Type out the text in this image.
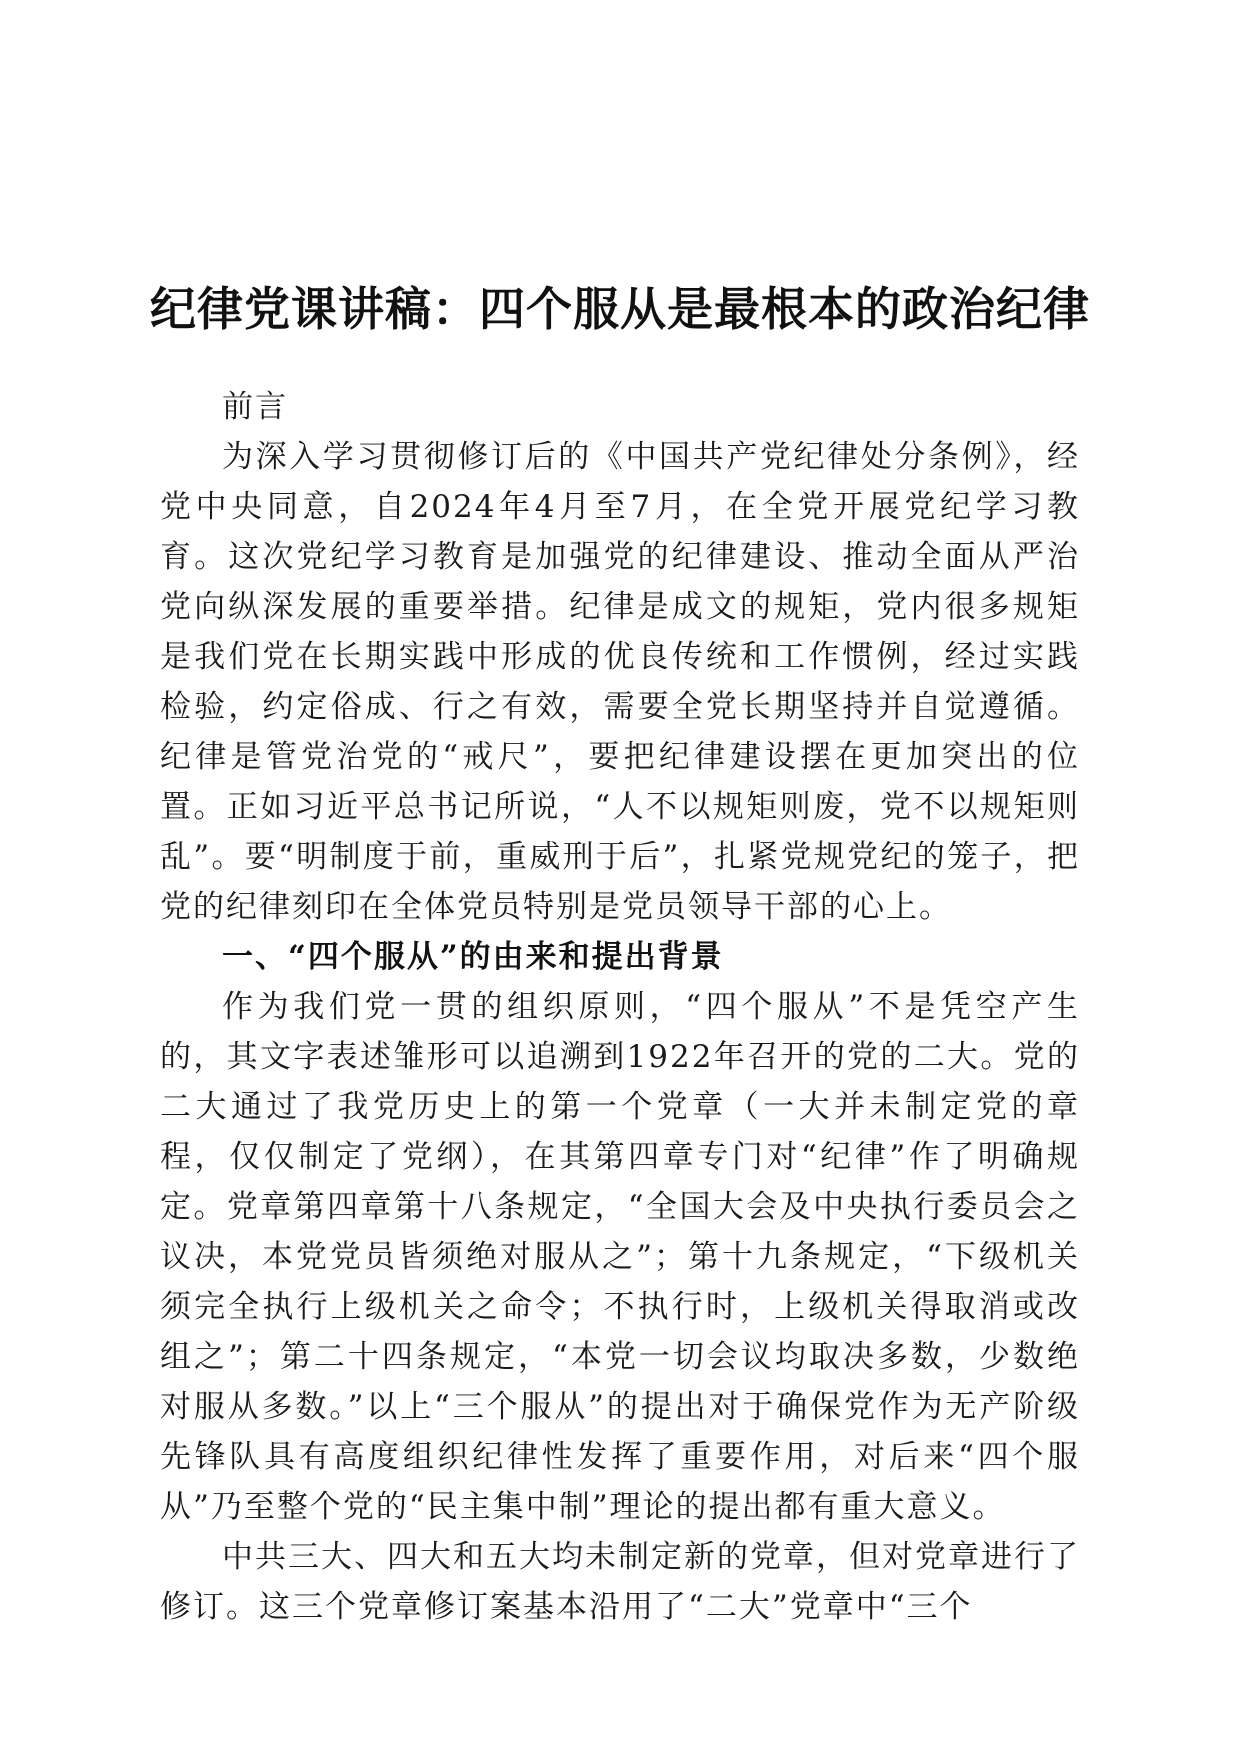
纪律党课讲稿：四个服从是最根本的政治纪律

前言

为深入学习贯彻修订后的《中国共产党纪律处分条例》，经党中央同意，自2024年4月至7月，在全党开展党纪学习教育。这次党纪学习教育是加强党的纪律建设、推动全面从严治党向纵深发展的重要举措。纪律是成文的规矩，党内很多规矩是我们党在长期实践中形成的优良传统和工作惯例，经过实践检验，约定俗成、行之有效，需要全党长期坚持并自觉遵循。纪律是管党治党的“戒尺”，要把纪律建设摆在更加突出的位置。正如习近平总书记所说，“人不以规矩则废，党不以规矩则乱”。要“明制度于前，重威刑于后”，扎紧党规党纪的笼子，把党的纪律刻印在全体党员特别是党员领导干部的心上。

一、“四个服从”的由来和提出背景

作为我们党一贯的组织原则，“四个服从”不是凭空产生的，其文字表述雏形可以追溯到1922年召开的党的二大。党的二大通过了我党历史上的第一个党章（一大并未制定党的章程，仅仅制定了党纲），在其第四章专门对“纪律”作了明确规定。党章第四章第十八条规定，“全国大会及中央执行委员会之议决，本党党员皆须绝对服从之”；第十九条规定，“下级机关须完全执行上级机关之命令；不执行时，上级机关得取消或改组之”；第二十四条规定，“本党一切会议均取决多数，少数绝对服从多数。”以上“三个服从”的提出对于确保党作为无产阶级先锋队具有高度组织纪律性发挥了重要作用，对后来“四个服从”乃至整个党的“民主集中制”理论的提出都有重大意义。

中共三大、四大和五大均未制定新的党章，但对党章进行了修订。这三个党章修订案基本沿用了“二大”党章中“三个
